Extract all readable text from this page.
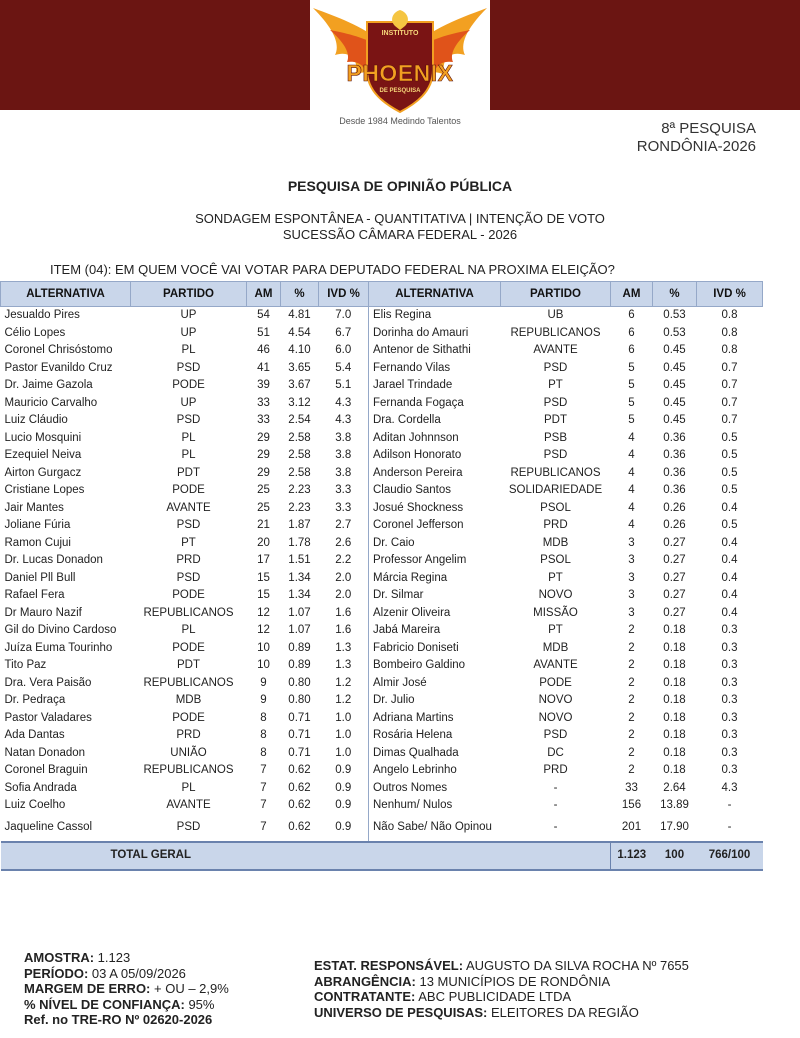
INSTITUTO
PHOENIX
DE PESQUISA
Desde 1984 Medindo Talentos	8ª PESQUISA
RONDÔNIA-2026
PESQUISA DE OPINIÃO PÚBLICA
SONDAGEM ESPONTÂNEA - QUANTITATIVA | INTENÇÃO DE VOTO
SUCESSÃO CÂMARA FEDERAL - 2026
ITEM (04): EM QUEM VOCÊ VAI VOTAR PARA DEPUTADO FEDERAL NA PROXIMA ELEIÇÃO?
ALTERNATIVA	PARTIDO	AM	%	IVD %	ALTERNATIVA	PARTIDO	AM	%	IVD %
Jesualdo Pires	UP	54	4.81	7.0	Elis Regina	UB	6	0.53	0.8
Célio Lopes	UP	51	4.54	6.7	Dorinha do Amauri	REPUBLICANOS	6	0.53	0.8
Coronel Chrisóstomo	PL	46	4.10	6.0	Antenor de Sithathi	AVANTE	6	0.45	0.8
Pastor Evanildo Cruz	PSD	41	3.65	5.4	Fernando Vilas	PSD	5	0.45	0.7
Dr. Jaime Gazola	PODE	39	3.67	5.1	Jarael Trindade	PT	5	0.45	0.7
Mauricio Carvalho	UP	33	3.12	4.3	Fernanda Fogaça	PSD	5	0.45	0.7
Luiz Cláudio	PSD	33	2.54	4.3	Dra. Cordella	PDT	5	0.45	0.7
Lucio Mosquini	PL	29	2.58	3.8	Aditan Johnnson	PSB	4	0.36	0.5
Ezequiel Neiva	PL	29	2.58	3.8	Adilson Honorato	PSD	4	0.36	0.5
Airton Gurgacz	PDT	29	2.58	3.8	Anderson Pereira	REPUBLICANOS	4	0.36	0.5
Cristiane Lopes	PODE	25	2.23	3.3	Claudio Santos	SOLIDARIEDADE	4	0.36	0.5
Jair Mantes	AVANTE	25	2.23	3.3	Josué Shockness	PSOL	4	0.26	0.4
Joliane Fúria	PSD	21	1.87	2.7	Coronel Jefferson	PRD	4	0.26	0.5
Ramon Cujui	PT	20	1.78	2.6	Dr. Caio	MDB	3	0.27	0.4
Dr. Lucas Donadon	PRD	17	1.51	2.2	Professor Angelim	PSOL	3	0.27	0.4
Daniel Pll Bull	PSD	15	1.34	2.0	Márcia Regina	PT	3	0.27	0.4
Rafael Fera	PODE	15	1.34	2.0	Dr. Silmar	NOVO	3	0.27	0.4
Dr Mauro Nazif	REPUBLICANOS	12	1.07	1.6	Alzenir Oliveira	MISSÃO	3	0.27	0.4
Gil do Divino Cardoso	PL	12	1.07	1.6	Jabá Mareira	PT	2	0.18	0.3
Juíza Euma Tourinho	PODE	10	0.89	1.3	Fabricio Doniseti	MDB	2	0.18	0.3
Tito Paz	PDT	10	0.89	1.3	Bombeiro Galdino	AVANTE	2	0.18	0.3
Dra. Vera Paisão	REPUBLICANOS	9	0.80	1.2	Almir José	PODE	2	0.18	0.3
Dr. Pedraça	MDB	9	0.80	1.2	Dr. Julio	NOVO	2	0.18	0.3
Pastor Valadares	PODE	8	0.71	1.0	Adriana Martins	NOVO	2	0.18	0.3
Ada Dantas	PRD	8	0.71	1.0	Rosária Helena	PSD	2	0.18	0.3
Natan Donadon	UNIÃO	8	0.71	1.0	Dimas Qualhada	DC	2	0.18	0.3
Coronel Braguin	REPUBLICANOS	7	0.62	0.9	Angelo Lebrinho	PRD	2	0.18	0.3
Sofia Andrada	PL	7	0.62	0.9	Outros Nomes	-	33	2.64	4.3
Luiz Coelho	AVANTE	7	0.62	0.9	Nenhum/ Nulos	-	156	13.89	-
Jaqueline Cassol	PSD	7	0.62	0.9	Não Sabe/ Não Opinou	-	201	17.90	-
TOTAL GERAL							1.123	100	766/100
AMOSTRA: 1.123
PERÍODO: 03 A 05/09/2026
MARGEM DE ERRO: + OU – 2,9%
% NÍVEL DE CONFIANÇA: 95%
Ref. no TRE-RO Nº 02620-2026
ESTAT. RESPONSÁVEL: AUGUSTO DA SILVA ROCHA Nº 7655
ABRANGÊNCIA: 13 MUNICÍPIOS DE RONDÔNIA
CONTRATANTE: ABC PUBLICIDADE LTDA
UNIVERSO DE PESQUISAS: ELEITORES DA REGIÃO
